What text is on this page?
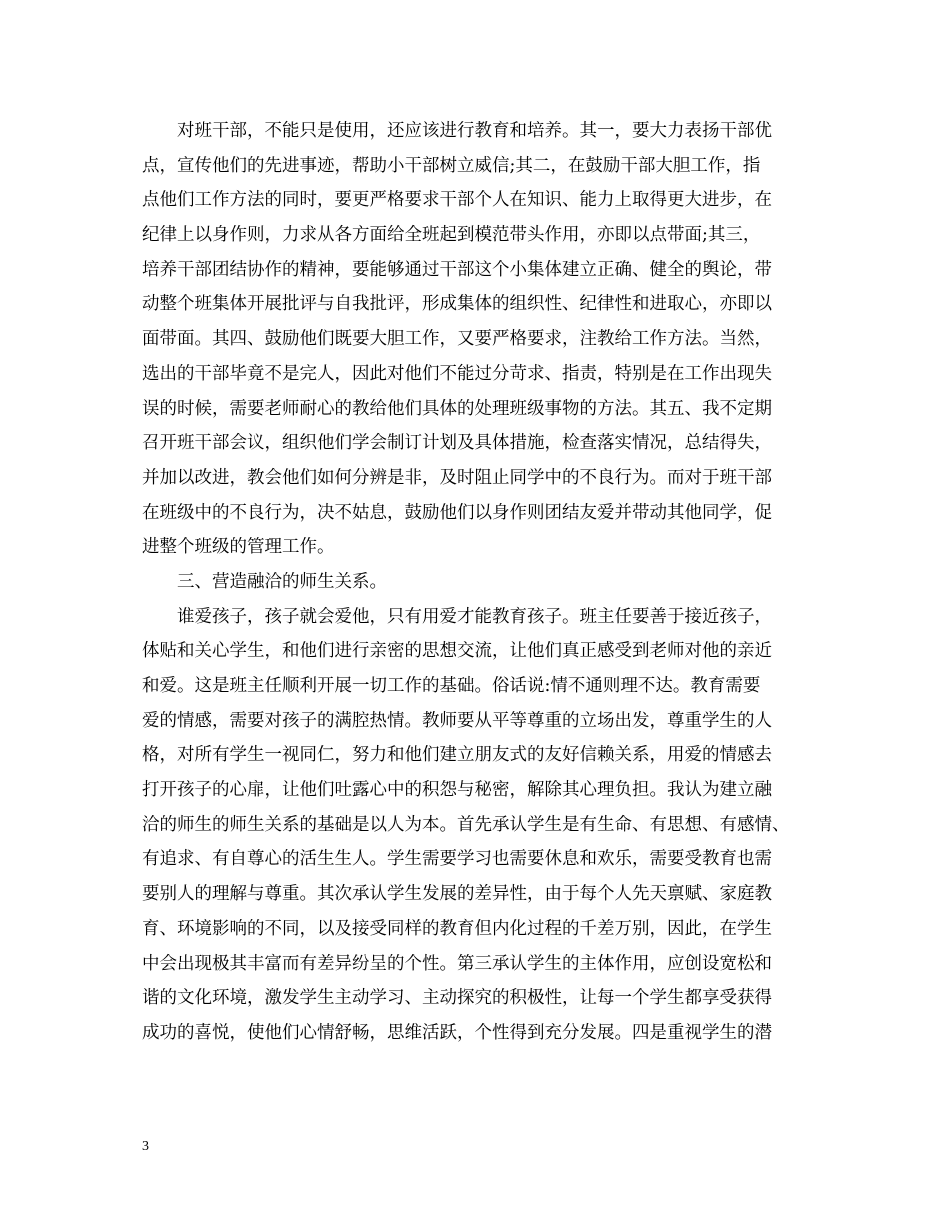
对班干部，不能只是使用，还应该进行教育和培养。其一，要大力表扬干部优
点，宣传他们的先进事迹，帮助小干部树立威信;其二，在鼓励干部大胆工作，指
点他们工作方法的同时，要更严格要求干部个人在知识、能力上取得更大进步，在
纪律上以身作则，力求从各方面给全班起到模范带头作用，亦即以点带面;其三，
培养干部团结协作的精神，要能够通过干部这个小集体建立正确、健全的舆论，带
动整个班集体开展批评与自我批评，形成集体的组织性、纪律性和进取心，亦即以
面带面。其四、鼓励他们既要大胆工作，又要严格要求，注教给工作方法。当然，
选出的干部毕竟不是完人，因此对他们不能过分苛求、指责，特别是在工作出现失
误的时候，需要老师耐心的教给他们具体的处理班级事物的方法。其五、我不定期
召开班干部会议，组织他们学会制订计划及具体措施，检查落实情况，总结得失，
并加以改进，教会他们如何分辨是非，及时阻止同学中的不良行为。而对于班干部
在班级中的不良行为，决不姑息，鼓励他们以身作则团结友爱并带动其他同学，促
进整个班级的管理工作。
三、营造融洽的师生关系。
谁爱孩子，孩子就会爱他，只有用爱才能教育孩子。班主任要善于接近孩子，
体贴和关心学生，和他们进行亲密的思想交流，让他们真正感受到老师对他的亲近
和爱。这是班主任顺利开展一切工作的基础。俗话说:情不通则理不达。教育需要
爱的情感，需要对孩子的满腔热情。教师要从平等尊重的立场出发，尊重学生的人
格，对所有学生一视同仁，努力和他们建立朋友式的友好信赖关系，用爱的情感去
打开孩子的心扉，让他们吐露心中的积怨与秘密，解除其心理负担。我认为建立融
洽的师生的师生关系的基础是以人为本。首先承认学生是有生命、有思想、有感情、
有追求、有自尊心的活生生人。学生需要学习也需要休息和欢乐，需要受教育也需
要别人的理解与尊重。其次承认学生发展的差异性，由于每个人先天禀赋、家庭教
育、环境影响的不同，以及接受同样的教育但内化过程的千差万别，因此，在学生
中会出现极其丰富而有差异纷呈的个性。第三承认学生的主体作用，应创设宽松和
谐的文化环境，激发学生主动学习、主动探究的积极性，让每一个学生都享受获得
成功的喜悦，使他们心情舒畅，思维活跃，个性得到充分发展。四是重视学生的潜
3
